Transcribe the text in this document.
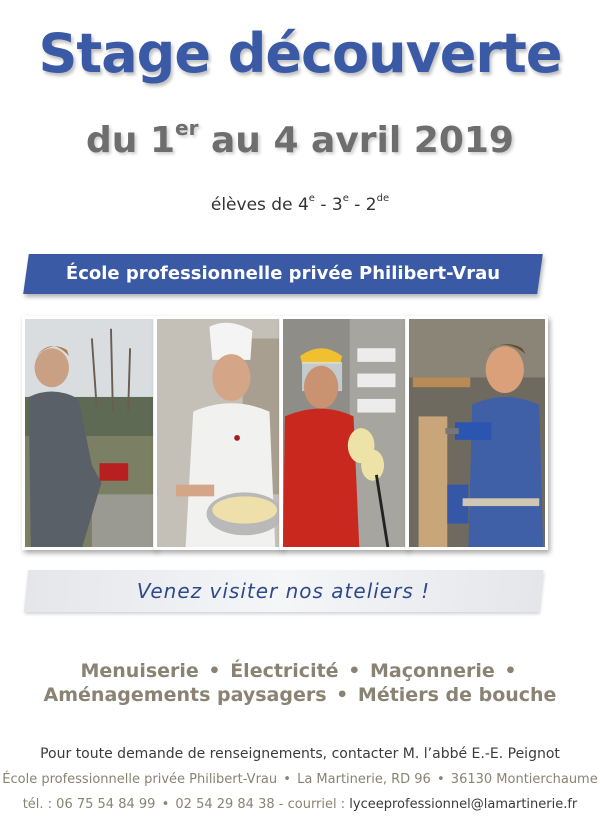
Stage découverte
du 1er au 4 avril 2019
élèves de 4e - 3e - 2de
École professionnelle privée Philibert-Vrau
Venez visiter nos ateliers !
Menuiserie • Électricité • Maçonnerie •
Aménagements paysagers • Métiers de bouche
Pour toute demande de renseignements, contacter M. l’abbé E.-E. Peignot
École professionnelle privée Philibert-Vrau • La Martinerie, RD 96 • 36130 Montierchaume
tél. : 06 75 54 84 99 • 02 54 29 84 38 - courriel : lyceeprofessionnel@lamartinerie.fr
